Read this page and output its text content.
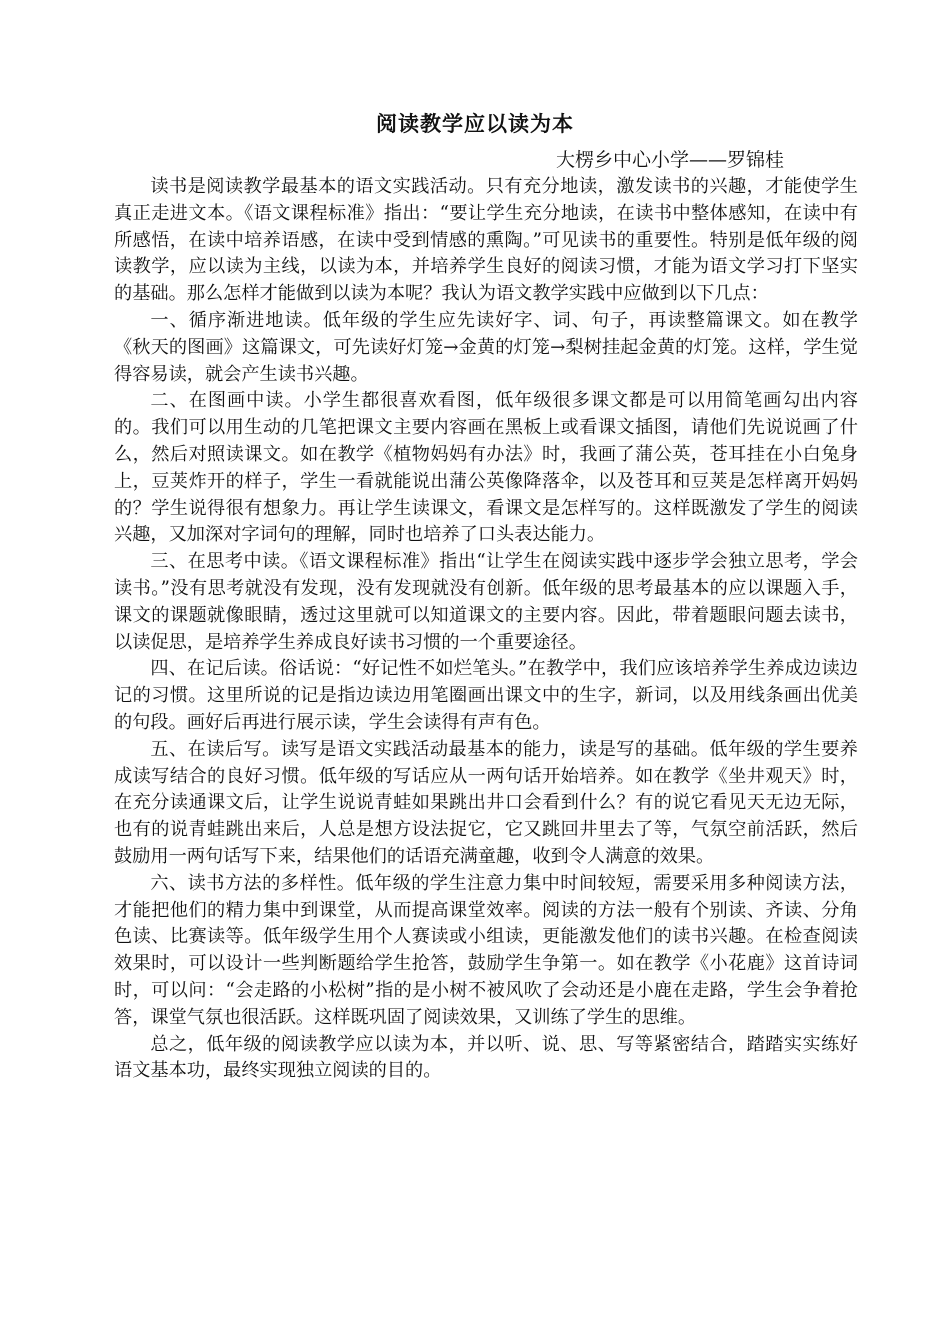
阅读教学应以读为本
大楞乡中心小学——罗锦桂

读书是阅读教学最基本的语文实践活动。只有充分地读，激发读书的兴趣，才能使学生真正走进文本。《语文课程标准》指出：“要让学生充分地读，在读书中整体感知，在读中有所感悟，在读中培养语感，在读中受到情感的熏陶。”可见读书的重要性。特别是低年级的阅读教学，应以读为主线，以读为本，并培养学生良好的阅读习惯，才能为语文学习打下坚实的基础。那么怎样才能做到以读为本呢？我认为语文教学实践中应做到以下几点：

一、循序渐进地读。低年级的学生应先读好字、词、句子，再读整篇课文。如在教学《秋天的图画》这篇课文，可先读好灯笼→金黄的灯笼→梨树挂起金黄的灯笼。这样，学生觉得容易读，就会产生读书兴趣。

二、在图画中读。小学生都很喜欢看图，低年级很多课文都是可以用简笔画勾出内容的。我们可以用生动的几笔把课文主要内容画在黑板上或看课文插图，请他们先说说画了什么，然后对照读课文。如在教学《植物妈妈有办法》时，我画了蒲公英，苍耳挂在小白兔身上，豆荚炸开的样子，学生一看就能说出蒲公英像降落伞，以及苍耳和豆荚是怎样离开妈妈的？学生说得很有想象力。再让学生读课文，看课文是怎样写的。这样既激发了学生的阅读兴趣，又加深对字词句的理解，同时也培养了口头表达能力。

三、在思考中读。《语文课程标准》指出“让学生在阅读实践中逐步学会独立思考，学会读书。”没有思考就没有发现，没有发现就没有创新。低年级的思考最基本的应以课题入手，课文的课题就像眼睛，透过这里就可以知道课文的主要内容。因此，带着题眼问题去读书，以读促思，是培养学生养成良好读书习惯的一个重要途径。

四、在记后读。俗话说：“好记性不如烂笔头。”在教学中，我们应该培养学生养成边读边记的习惯。这里所说的记是指边读边用笔圈画出课文中的生字，新词，以及用线条画出优美的句段。画好后再进行展示读，学生会读得有声有色。

五、在读后写。读写是语文实践活动最基本的能力，读是写的基础。低年级的学生要养成读写结合的良好习惯。低年级的写话应从一两句话开始培养。如在教学《坐井观天》时，在充分读通课文后，让学生说说青蛙如果跳出井口会看到什么？有的说它看见天无边无际，也有的说青蛙跳出来后，人总是想方设法捉它，它又跳回井里去了等，气氛空前活跃，然后鼓励用一两句话写下来，结果他们的话语充满童趣，收到令人满意的效果。

六、读书方法的多样性。低年级的学生注意力集中时间较短，需要采用多种阅读方法，才能把他们的精力集中到课堂，从而提高课堂效率。阅读的方法一般有个别读、齐读、分角色读、比赛读等。低年级学生用个人赛读或小组读，更能激发他们的读书兴趣。在检查阅读效果时，可以设计一些判断题给学生抢答，鼓励学生争第一。如在教学《小花鹿》这首诗词时，可以问：“会走路的小松树”指的是小树不被风吹了会动还是小鹿在走路，学生会争着抢答，课堂气氛也很活跃。这样既巩固了阅读效果，又训练了学生的思维。

总之，低年级的阅读教学应以读为本，并以听、说、思、写等紧密结合，踏踏实实练好语文基本功，最终实现独立阅读的目的。
